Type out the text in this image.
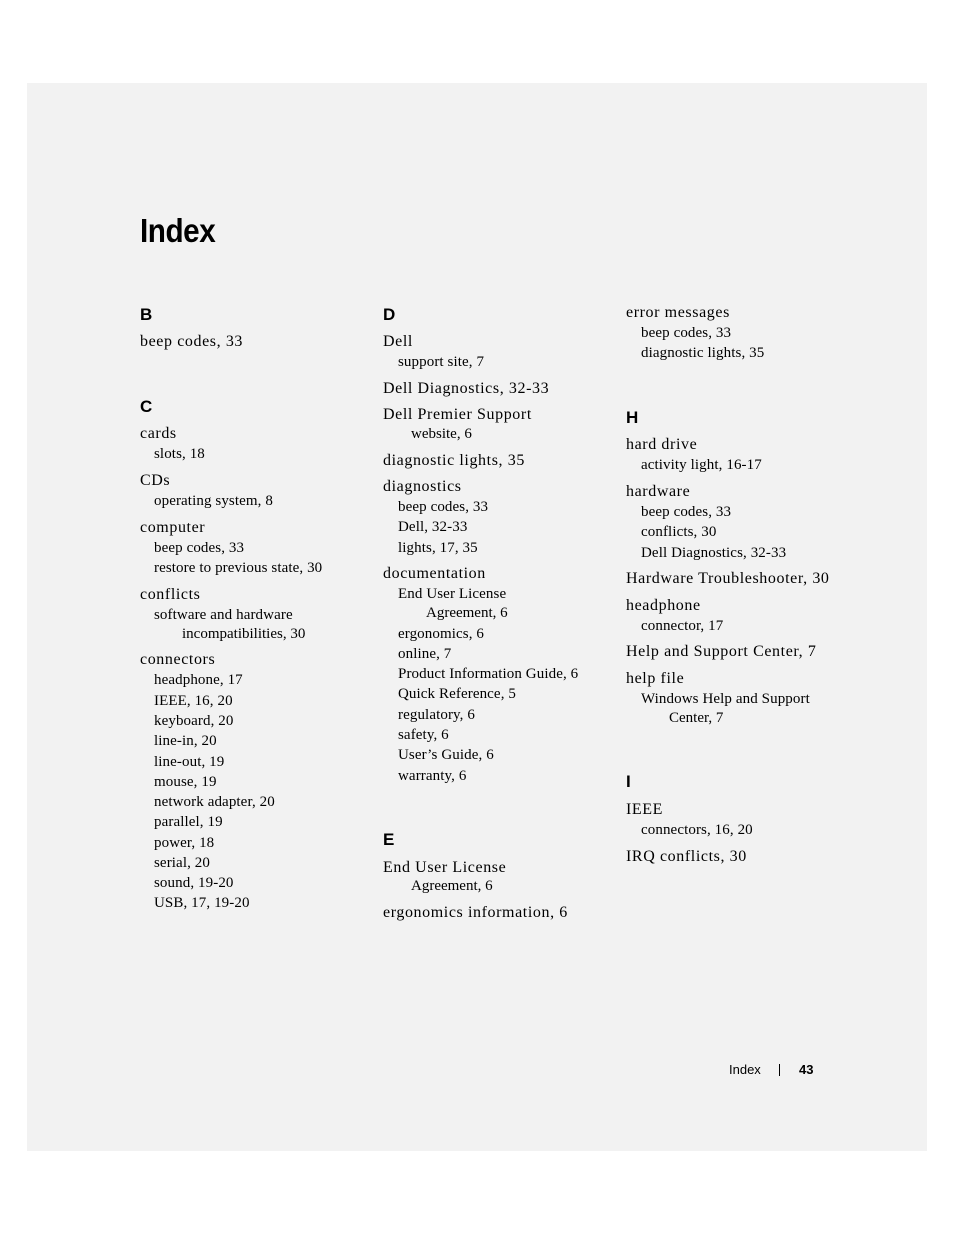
Index
B
beep codes, 33
C
cards
slots, 18
CDs
operating system, 8
computer
beep codes, 33
restore to previous state, 30
conflicts
software and hardware
incompatibilities, 30
connectors
headphone, 17
IEEE, 16, 20
keyboard, 20
line-in, 20
line-out, 19
mouse, 19
network adapter, 20
parallel, 19
power, 18
serial, 20
sound, 19-20
USB, 17, 19-20
D
Dell
support site, 7
Dell Diagnostics, 32-33
Dell Premier Support
website, 6
diagnostic lights, 35
diagnostics
beep codes, 33
Dell, 32-33
lights, 17, 35
documentation
End User License
Agreement, 6
ergonomics, 6
online, 7
Product Information Guide, 6
Quick Reference, 5
regulatory, 6
safety, 6
User’s Guide, 6
warranty, 6
E
End User License
Agreement, 6
ergonomics information, 6
error messages
beep codes, 33
diagnostic lights, 35
H
hard drive
activity light, 16-17
hardware
beep codes, 33
conflicts, 30
Dell Diagnostics, 32-33
Hardware Troubleshooter, 30
headphone
connector, 17
Help and Support Center, 7
help file
Windows Help and Support
Center, 7
I
IEEE
connectors, 16, 20
IRQ conflicts, 30
Index	43
